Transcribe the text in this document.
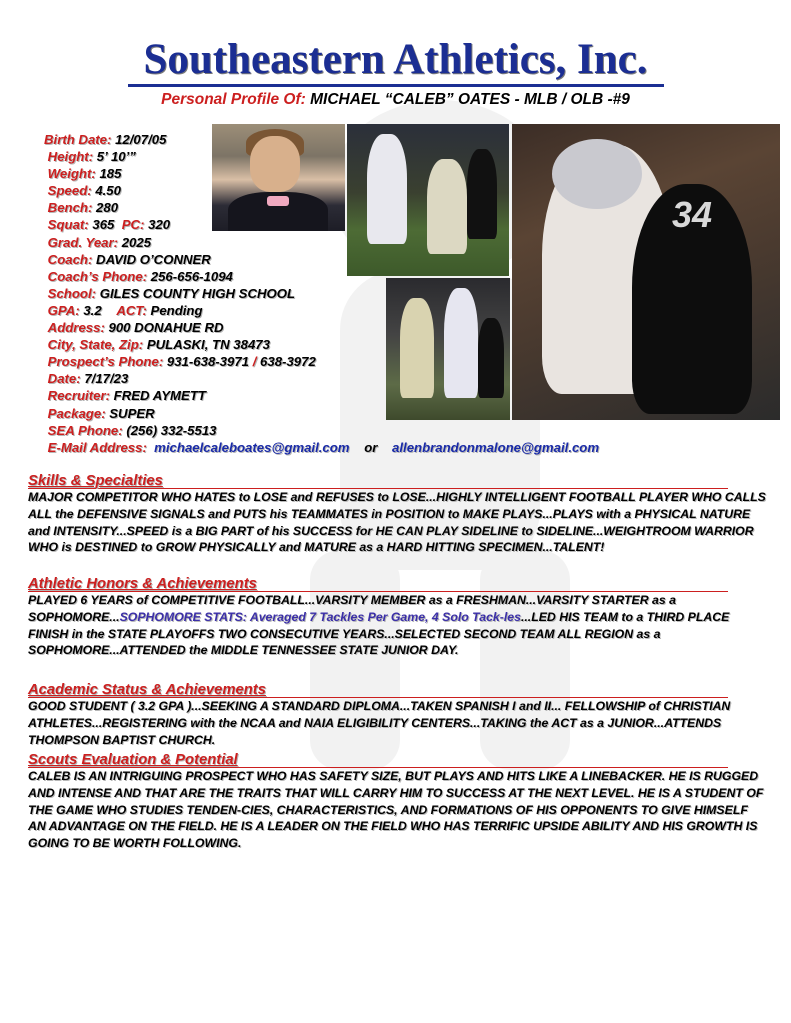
Southeastern Athletics, Inc.
Personal Profile Of: MICHAEL “CALEB” OATES - MLB / OLB -#9
Birth Date: 12/07/05
Height: 5’ 10’”
Weight: 185
Speed: 4.50
Bench: 280
Squat: 365 PC: 320
Grad. Year: 2025
Coach: DAVID O’CONNER
Coach’s Phone: 256-656-1094
School: GILES COUNTY HIGH SCHOOL
GPA: 3.2 ACT: Pending
Address: 900 DONAHUE RD
City, State, Zip: PULASKI, TN 38473
Prospect’s Phone: 931-638-3971 / 638-3972
Date: 7/17/23
Recruiter: FRED AYMETT
Package: SUPER
SEA Phone: (256) 332-5513
E-Mail Address: michaelcaleboates@gmail.com or allenbrandonmalone@gmail.com
34
Skills & Specialties

MAJOR COMPETITOR WHO HATES to LOSE and REFUSES to LOSE...HIGHLY INTELLIGENT FOOTBALL PLAYER WHO CALLS ALL the DEFENSIVE SIGNALS and PUTS his TEAMMATES in POSITION to MAKE PLAYS...PLAYS with a PHYSICAL NATURE and INTENSITY...SPEED is a BIG PART of his SUCCESS for HE CAN PLAY SIDELINE to SIDELINE...WEIGHTROOM WARRIOR WHO is DESTINED to GROW PHYSICALLY and MATURE as a HARD HITTING SPECIMEN...TALENT!

Athletic Honors & Achievements

PLAYED 6 YEARS of COMPETITIVE FOOTBALL...VARSITY MEMBER as a FRESHMAN...VARSITY STARTER as a SOPHOMORE...SOPHOMORE STATS: Averaged 7 Tackles Per Game, 4 Solo Tack-les...LED HIS TEAM to a THIRD PLACE FINISH in the STATE PLAYOFFS TWO CONSECUTIVE YEARS...SELECTED SECOND TEAM ALL REGION as a SOPHOMORE...ATTENDED the MIDDLE TENNESSEE STATE JUNIOR DAY.

Academic Status & Achievements

GOOD STUDENT ( 3.2 GPA )...SEEKING A STANDARD DIPLOMA...TAKEN SPANISH I and II... FELLOWSHIP of CHRISTIAN ATHLETES...REGISTERING with the NCAA and NAIA ELIGIBILITY CENTERS...TAKING the ACT as a JUNIOR...ATTENDS THOMPSON BAPTIST CHURCH.

Scouts Evaluation & Potential

CALEB IS AN INTRIGUING PROSPECT WHO HAS SAFETY SIZE, BUT PLAYS AND HITS LIKE A LINEBACKER. HE IS RUGGED AND INTENSE AND THAT ARE THE TRAITS THAT WILL CARRY HIM TO SUCCESS AT THE NEXT LEVEL. HE IS A STUDENT OF THE GAME WHO STUDIES TENDEN-CIES, CHARACTERISTICS, AND FORMATIONS OF HIS OPPONENTS TO GIVE HIMSELF AN ADVANTAGE ON THE FIELD. HE IS A LEADER ON THE FIELD WHO HAS TERRIFIC UPSIDE ABILITY AND HIS GROWTH IS GOING TO BE WORTH FOLLOWING.
